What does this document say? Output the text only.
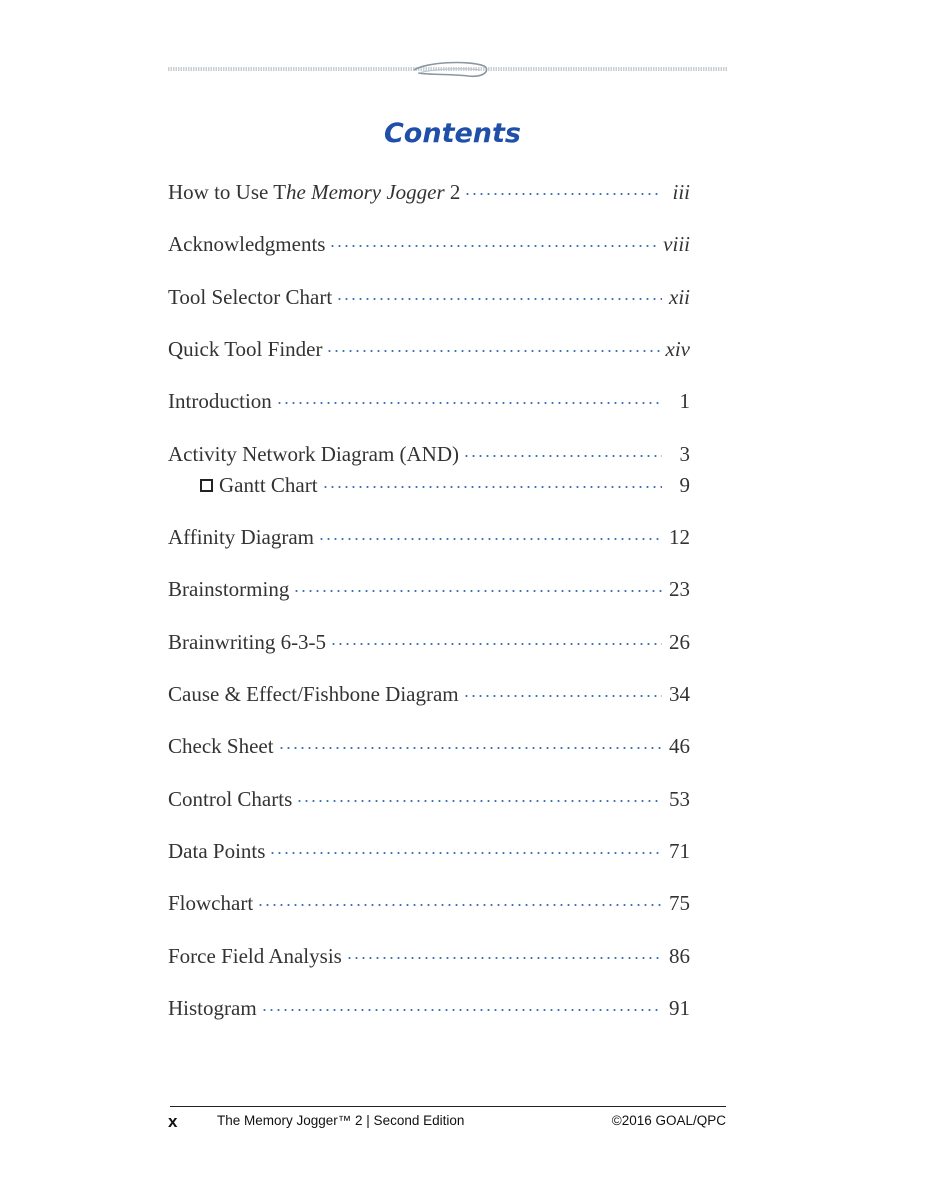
Contents
How to Use The Memory Jogger 2	iii
Acknowledgments	viii
Tool Selector Chart	xii
Quick Tool Finder	xiv
Introduction	1
Activity Network Diagram (AND)	3
Gantt Chart	9
Affinity Diagram	12
Brainstorming	23
Brainwriting 6-3-5	26
Cause & Effect/Fishbone Diagram	34
Check Sheet	46
Control Charts	53
Data Points	71
Flowchart	75
Force Field Analysis	86
Histogram	91
x	The Memory Jogger™ 2 | Second Edition	©2016 GOAL/QPC
